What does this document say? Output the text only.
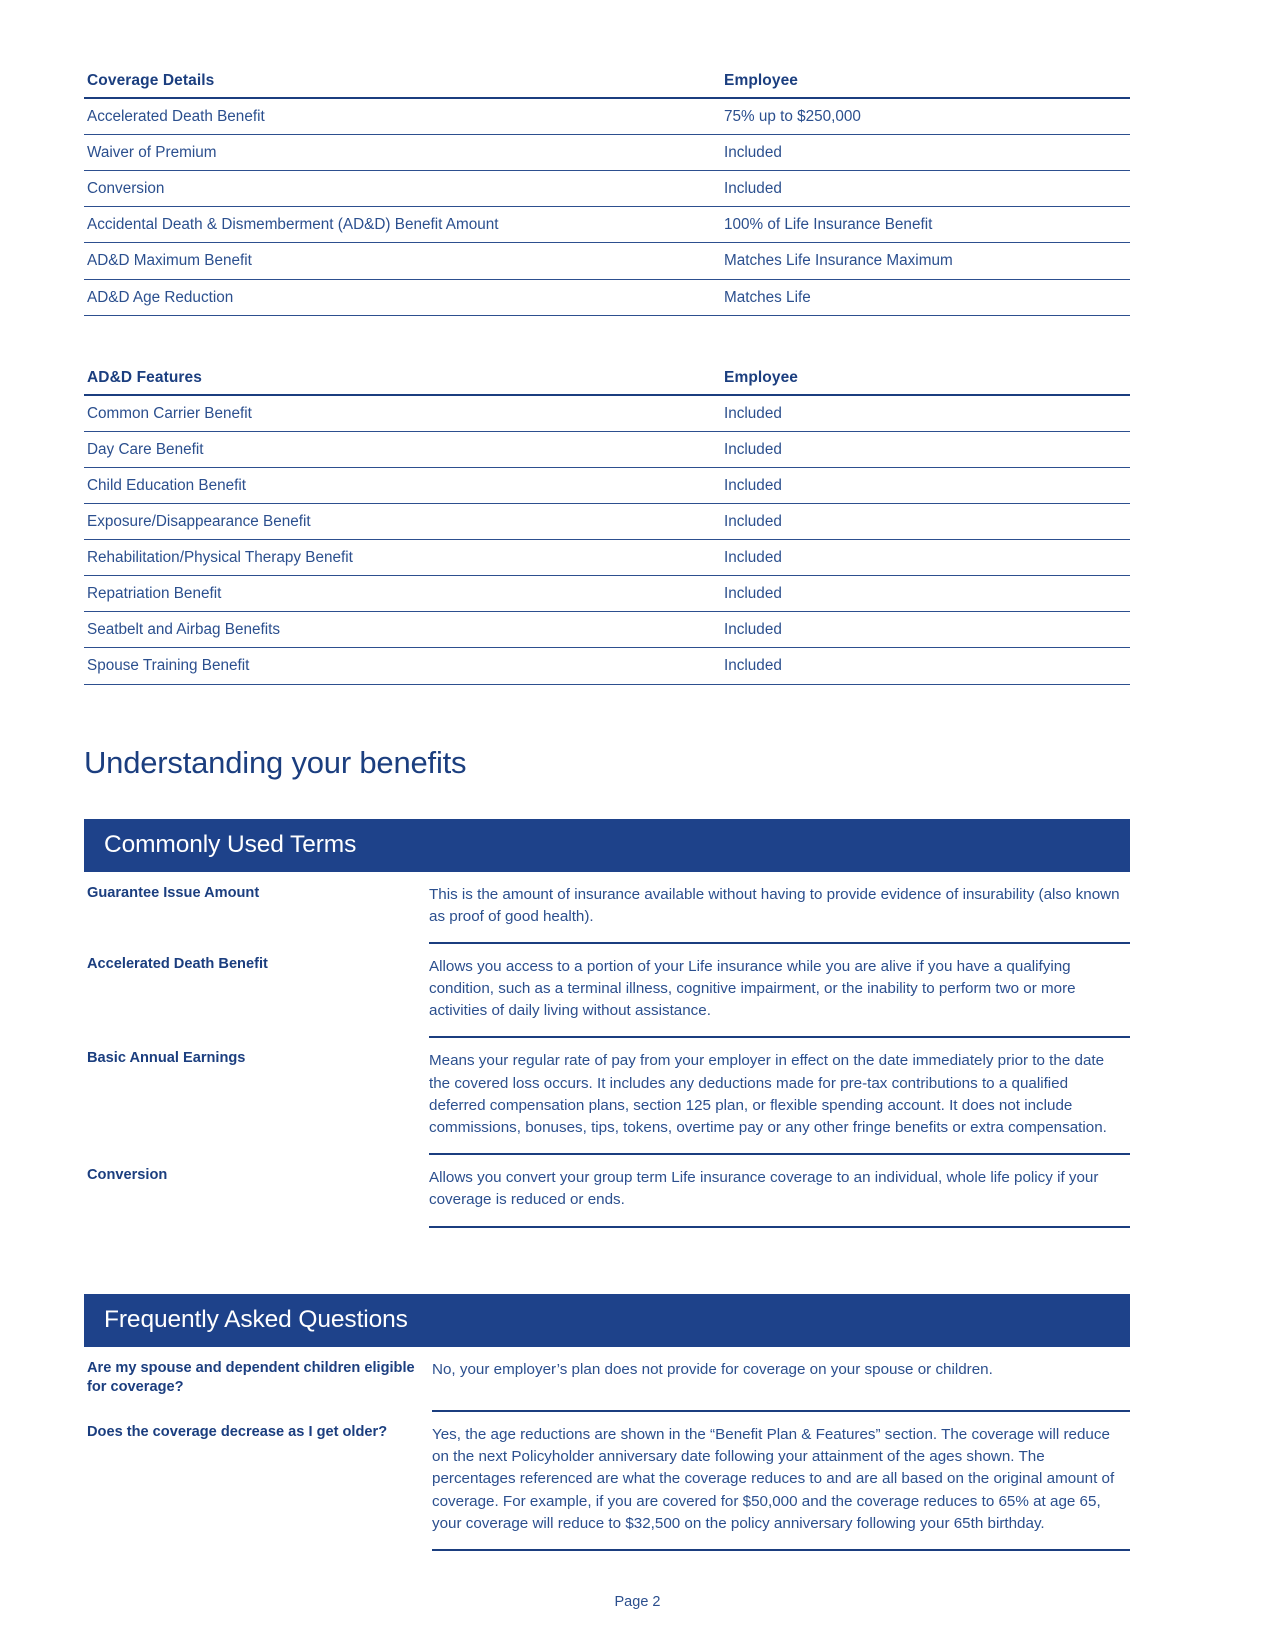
Coverage Details	Employee
Accelerated Death Benefit	75% up to $250,000
Waiver of Premium	Included
Conversion	Included
Accidental Death & Dismemberment (AD&D) Benefit Amount	100% of Life Insurance Benefit
AD&D Maximum Benefit	Matches Life Insurance Maximum
AD&D Age Reduction	Matches Life
AD&D Features	Employee
Common Carrier Benefit	Included
Day Care Benefit	Included
Child Education Benefit	Included
Exposure/Disappearance Benefit	Included
Rehabilitation/Physical Therapy Benefit	Included
Repatriation Benefit	Included
Seatbelt and Airbag Benefits	Included
Spouse Training Benefit	Included
Understanding your benefits
Commonly Used Terms
Guarantee Issue Amount	This is the amount of insurance available without having to provide evidence of insurability (also known as proof of good health).
Accelerated Death Benefit	Allows you access to a portion of your Life insurance while you are alive if you have a qualifying condition, such as a terminal illness, cognitive impairment, or the inability to perform two or more activities of daily living without assistance.
Basic Annual Earnings	Means your regular rate of pay from your employer in effect on the date immediately prior to the date the covered loss occurs. It includes any deductions made for pre-tax contributions to a qualified deferred compensation plans, section 125 plan, or flexible spending account. It does not include commissions, bonuses, tips, tokens, overtime pay or any other fringe benefits or extra compensation.
Conversion	Allows you convert your group term Life insurance coverage to an individual, whole life policy if your coverage is reduced or ends.
Frequently Asked Questions
Are my spouse and dependent children eligible for coverage?	No, your employer’s plan does not provide for coverage on your spouse or children.
Does the coverage decrease as I get older?	Yes, the age reductions are shown in the “Benefit Plan & Features” section. The coverage will reduce on the next Policyholder anniversary date following your attainment of the ages shown. The percentages referenced are what the coverage reduces to and are all based on the original amount of coverage. For example, if you are covered for $50,000 and the coverage reduces to 65% at age 65, your coverage will reduce to $32,500 on the policy anniversary following your 65th birthday.
Page 2
